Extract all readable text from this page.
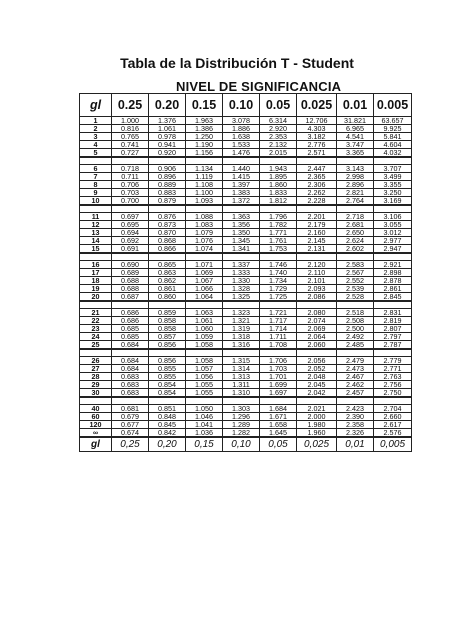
Tabla de la Distribución T - Student
NIVEL DE SIGNIFICANCIA
gl	0.25	0.20	0.15	0.10	0.05	0.025	0.01	0.005
1	1.000	1.376	1.963	3.078	6.314	12.706	31.821	63.657
2	0.816	1.061	1.386	1.886	2.920	4.303	6.965	9.925
3	0.765	0.978	1.250	1.638	2.353	3.182	4.541	5.841
4	0.741	0.941	1.190	1.533	2.132	2.776	3.747	4.604
5	0.727	0.920	1.156	1.476	2.015	2.571	3.365	4.032

6	0.718	0.906	1.134	1.440	1.943	2.447	3.143	3.707
7	0.711	0.896	1.119	1.415	1.895	2.365	2.998	3.499
8	0.706	0.889	1.108	1.397	1.860	2.306	2.896	3.355
9	0.703	0.883	1.100	1.383	1.833	2.262	2.821	3.250
10	0.700	0.879	1.093	1.372	1.812	2.228	2.764	3.169

11	0.697	0.876	1.088	1.363	1.796	2.201	2.718	3.106
12	0.695	0.873	1.083	1.356	1.782	2.179	2.681	3.055
13	0.694	0.870	1.079	1.350	1.771	2.160	2.650	3.012
14	0.692	0.868	1.076	1.345	1.761	2.145	2.624	2.977
15	0.691	0.866	1.074	1.341	1.753	2.131	2.602	2.947

16	0.690	0.865	1.071	1.337	1.746	2.120	2.583	2.921
17	0.689	0.863	1.069	1.333	1.740	2.110	2.567	2.898
18	0.688	0.862	1.067	1.330	1.734	2.101	2.552	2.878
19	0.688	0.861	1.066	1.328	1.729	2.093	2.539	2.861
20	0.687	0.860	1.064	1.325	1.725	2.086	2.528	2.845

21	0.686	0.859	1.063	1.323	1.721	2.080	2.518	2.831
22	0.686	0.858	1.061	1.321	1.717	2.074	2.508	2.819
23	0.685	0.858	1.060	1.319	1.714	2.069	2.500	2.807
24	0.685	0.857	1.059	1.318	1.711	2.064	2.492	2.797
25	0.684	0.856	1.058	1.316	1.708	2.060	2.485	2.787

26	0.684	0.856	1.058	1.315	1.706	2.056	2.479	2.779
27	0.684	0.855	1.057	1.314	1.703	2.052	2.473	2.771
28	0.683	0.855	1.056	1.313	1.701	2.048	2.467	2.763
29	0.683	0.854	1.055	1.311	1.699	2.045	2.462	2.756
30	0.683	0.854	1.055	1.310	1.697	2.042	2.457	2.750

40	0.681	0.851	1.050	1.303	1.684	2.021	2.423	2.704
60	0.679	0.848	1.046	1.296	1.671	2.000	2.390	2.660
120	0.677	0.845	1.041	1.289	1.658	1.980	2.358	2.617
∞	0.674	0.842	1.036	1.282	1.645	1.960	2.326	2.576
gl	0,25	0,20	0,15	0,10	0,05	0,025	0,01	0,005
